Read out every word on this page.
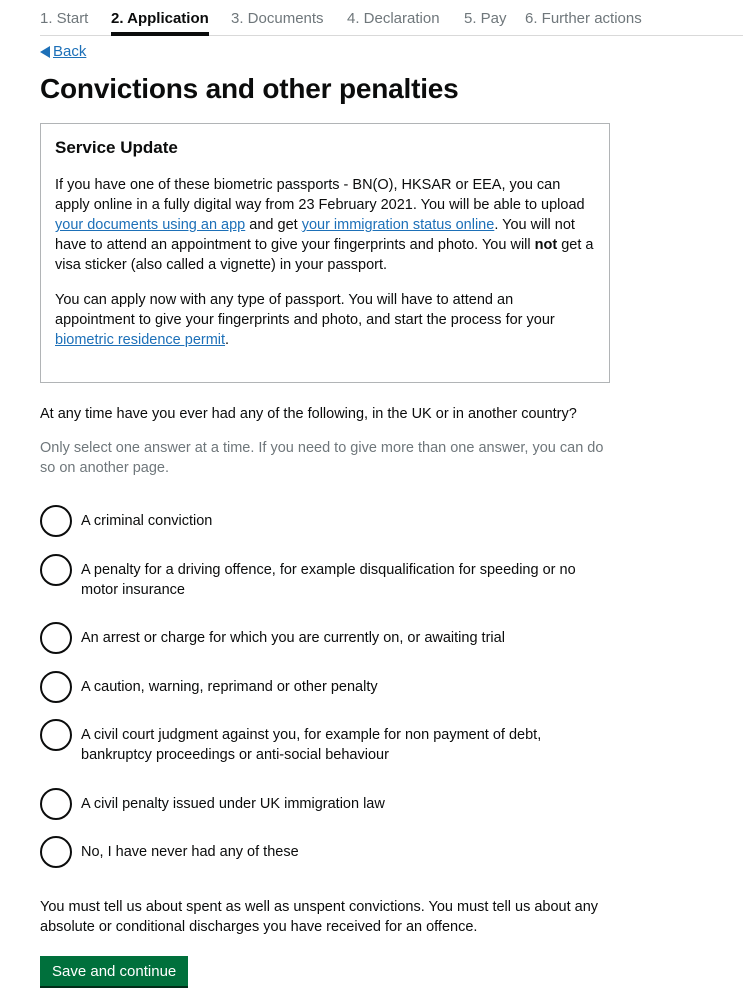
1. Start 2. Application 3. Documents 4. Declaration 5. Pay 6. Further actions
Back
Convictions and other penalties
Service Update

If you have one of these biometric passports - BN(O), HKSAR or EEA, you can apply online in a fully digital way from 23 February 2021. You will be able to upload your documents using an app and get your immigration status online. You will not have to attend an appointment to give your fingerprints and photo. You will not get a visa sticker (also called a vignette) in your passport.

You can apply now with any type of passport. You will have to attend an appointment to give your fingerprints and photo, and start the process for your biometric residence permit.

At any time have you ever had any of the following, in the UK or in another country?
Only select one answer at a time. If you need to give more than one answer, you can do so on another page.
A criminal conviction
A penalty for a driving offence, for example disqualification for speeding or no motor insurance
An arrest or charge for which you are currently on, or awaiting trial
A caution, warning, reprimand or other penalty
A civil court judgment against you, for example for non payment of debt, bankruptcy proceedings or anti-social behaviour
A civil penalty issued under UK immigration law
No, I have never had any of these
You must tell us about spent as well as unspent convictions. You must tell us about any absolute or conditional discharges you have received for an offence.
Save and continue
